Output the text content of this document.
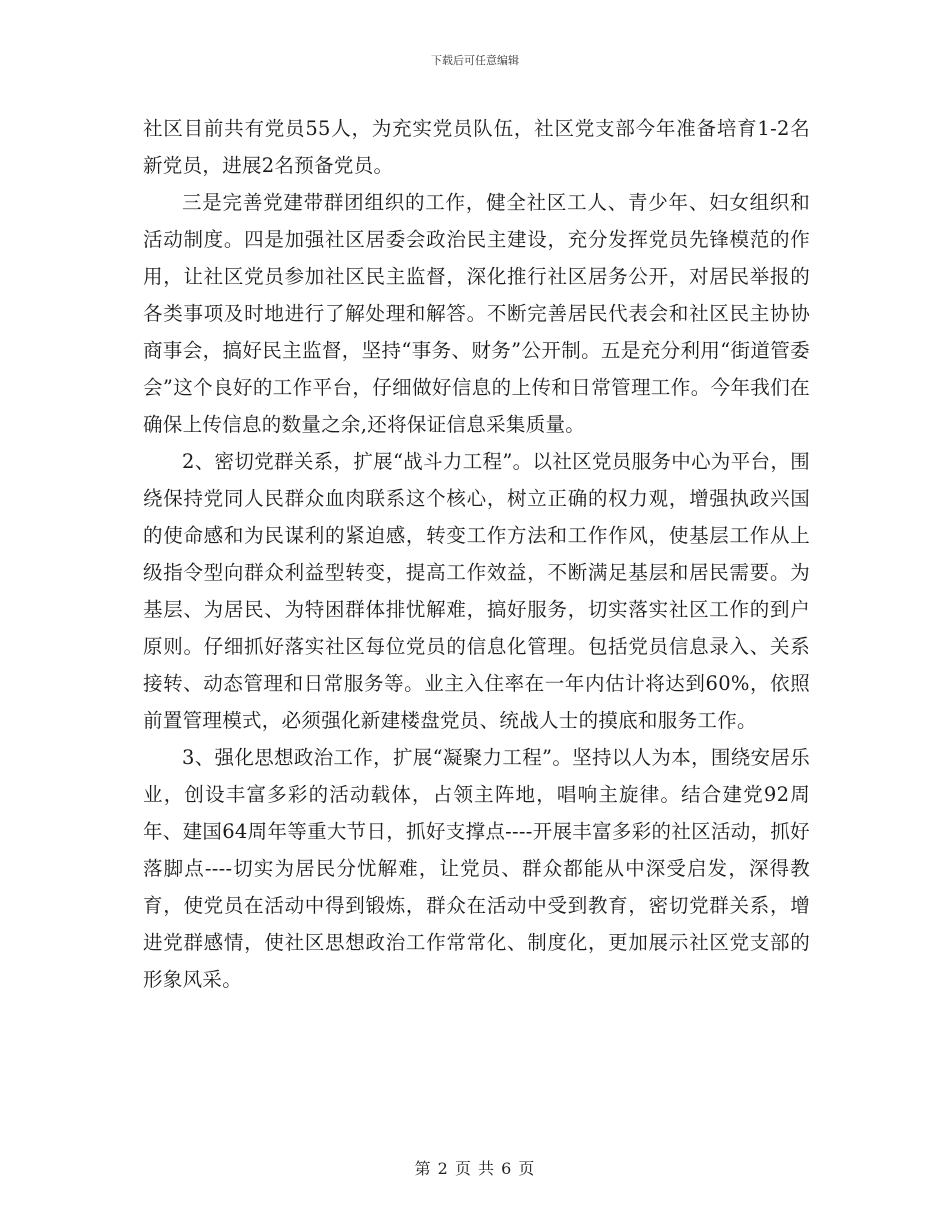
下载后可任意编辑

社区目前共有党员55人，为充实党员队伍，社区党支部今年准备培育1-2名新党员，进展2名预备党员。

三是完善党建带群团组织的工作，健全社区工人、青少年、妇女组织和活动制度。四是加强社区居委会政治民主建设，充分发挥党员先锋模范的作用，让社区党员参加社区民主监督，深化推行社区居务公开，对居民举报的各类事项及时地进行了解处理和解答。不断完善居民代表会和社区民主协协商事会，搞好民主监督，坚持“事务、财务”公开制。五是充分利用“街道管委会”这个良好的工作平台，仔细做好信息的上传和日常管理工作。今年我们在确保上传信息的数量之余,还将保证信息采集质量。

2、密切党群关系，扩展“战斗力工程”。以社区党员服务中心为平台，围绕保持党同人民群众血肉联系这个核心，树立正确的权力观，增强执政兴国的使命感和为民谋利的紧迫感，转变工作方法和工作作风，使基层工作从上级指令型向群众利益型转变，提高工作效益，不断满足基层和居民需要。为基层、为居民、为特困群体排忧解难，搞好服务，切实落实社区工作的到户原则。仔细抓好落实社区每位党员的信息化管理。包括党员信息录入、关系接转、动态管理和日常服务等。业主入住率在一年内估计将达到60%，依照前置管理模式，必须强化新建楼盘党员、统战人士的摸底和服务工作。

3、强化思想政治工作，扩展“凝聚力工程”。坚持以人为本，围绕安居乐业，创设丰富多彩的活动载体，占领主阵地，唱响主旋律。结合建党92周年、建国64周年等重大节日，抓好支撑点----开展丰富多彩的社区活动，抓好落脚点----切实为居民分忧解难，让党员、群众都能从中深受启发，深得教育，使党员在活动中得到锻炼，群众在活动中受到教育，密切党群关系，增进党群感情，使社区思想政治工作常常化、制度化，更加展示社区党支部的形象风采。

第 2 页 共 6 页
